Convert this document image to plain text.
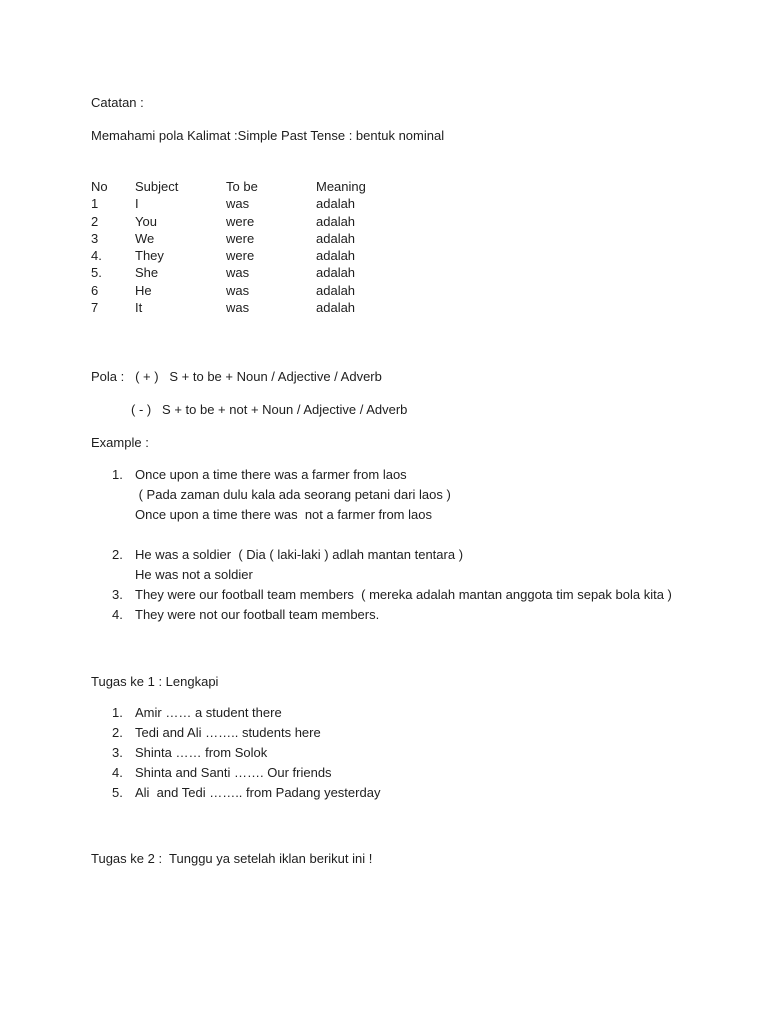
Catatan :
Memahami pola Kalimat :Simple Past Tense : bentuk nominal
No	Subject	To be	Meaning
1	I	was	adalah
2	You	were	adalah
3	We	were	adalah
4.	They	were	adalah
5.	She	was	adalah
6	He	was	adalah
7	It	was	adalah
Pola :   ( + )   S + to be + Noun / Adjective / Adverb
( - )   S + to be + not + Noun / Adjective / Adverb
Example :
1. Once upon a time there was a farmer from laos
( Pada zaman dulu kala ada seorang petani dari laos )
Once upon a time there was  not a farmer from laos
2. He was a soldier  ( Dia ( laki-laki ) adlah mantan tentara )
He was not a soldier
3. They were our football team members  ( mereka adalah mantan anggota tim sepak bola kita )
4. They were not our football team members.
Tugas ke 1 : Lengkapi
1. Amir …… a student there
2. Tedi and Ali …….. students here
3. Shinta …… from Solok
4. Shinta and Santi ……. Our friends
5. Ali  and Tedi …….. from Padang yesterday
Tugas ke 2 :  Tunggu ya setelah iklan berikut ini !
